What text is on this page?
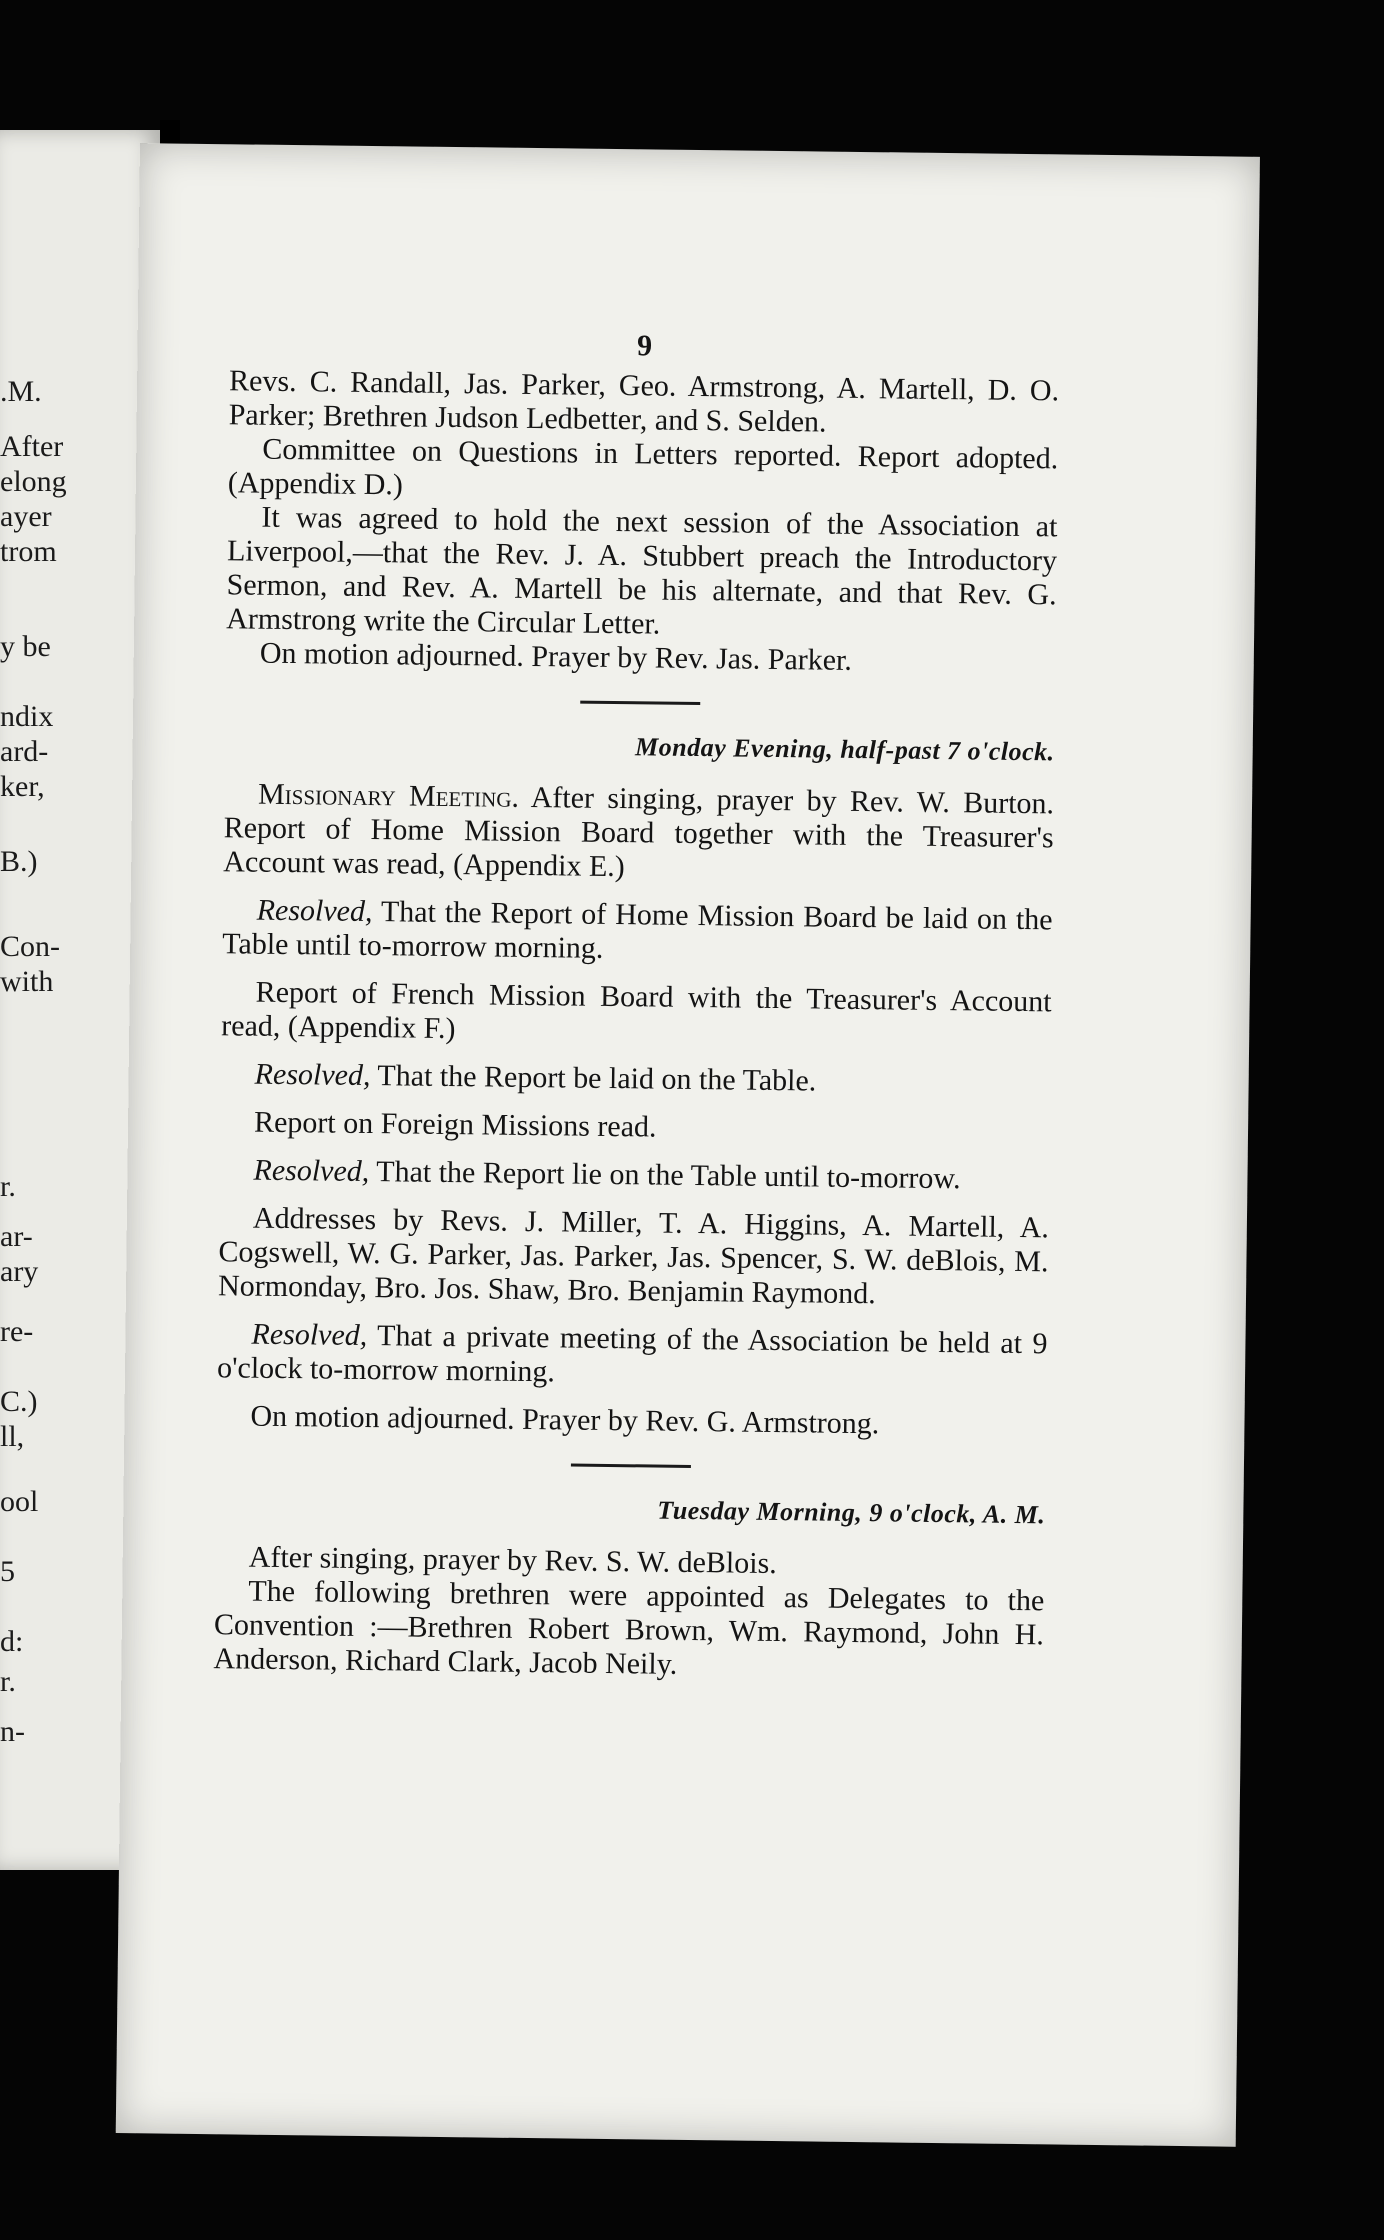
.M.
After
elong
ayer
trom
y be
ndix
ard-
ker,
B.)
Con-
with
r.
ar-
ary
re-
C.)
ll,
ool
5
d:
r.
n-
9

Revs. C. Randall, Jas. Parker, Geo. Armstrong, A. Martell, D. O. Parker; Brethren Judson Ledbetter, and S. Selden.

Committee on Questions in Letters reported. Report adopted. (Appendix D.)

It was agreed to hold the next session of the Association at Liverpool,—that the Rev. J. A. Stubbert preach the Introductory Sermon, and Rev. A. Martell be his alternate, and that Rev. G. Armstrong write the Circular Letter.

On motion adjourned. Prayer by Rev. Jas. Parker.

Monday Evening, half-past 7 o'clock.

Missionary Meeting. After singing, prayer by Rev. W. Burton. Report of Home Mission Board together with the Treasurer's Account was read, (Appendix E.)

Resolved, That the Report of Home Mission Board be laid on the Table until to-morrow morning.

Report of French Mission Board with the Treasurer's Account read, (Appendix F.)

Resolved, That the Report be laid on the Table.

Report on Foreign Missions read.

Resolved, That the Report lie on the Table until to-morrow.

Addresses by Revs. J. Miller, T. A. Higgins, A. Martell, A. Cogswell, W. G. Parker, Jas. Parker, Jas. Spencer, S. W. deBlois, M. Normonday, Bro. Jos. Shaw, Bro. Benjamin Raymond.

Resolved, That a private meeting of the Association be held at 9 o'clock to-morrow morning.

On motion adjourned. Prayer by Rev. G. Armstrong.

Tuesday Morning, 9 o'clock, A. M.

After singing, prayer by Rev. S. W. deBlois.

The following brethren were appointed as Delegates to the Convention :—Brethren Robert Brown, Wm. Raymond, John H. Anderson, Richard Clark, Jacob Neily.
